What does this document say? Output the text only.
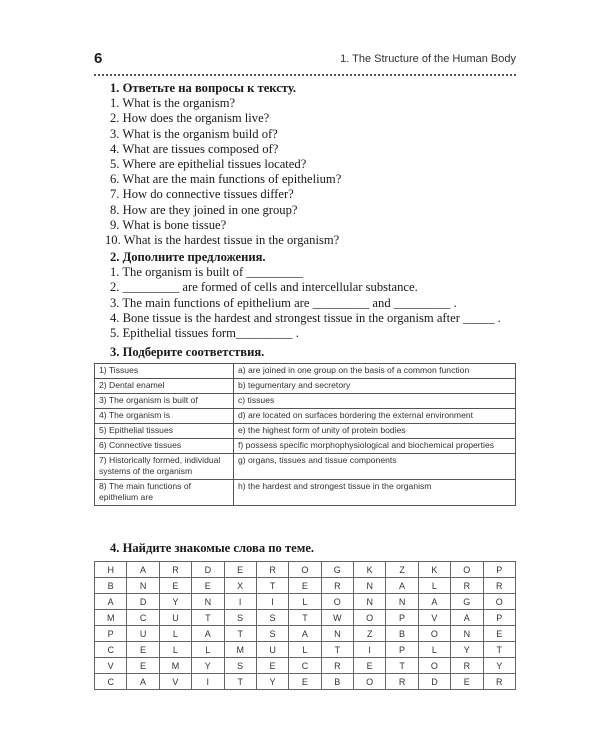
6	1. The Structure of the Human Body
1. Ответьте на вопросы к тексту.
1. What is the organism?
2. How does the organism live?
3. What is the organism build of?
4. What are tissues composed of?
5. Where are epithelial tissues located?
6. What are the main functions of epithelium?
7. How do connective tissues differ?
8. How are they joined in one group?
9. What is bone tissue?
10. What is the hardest tissue in the organism?
2. Дополните предложения.
1. The organism is built of _________
2. _________ are formed of cells and intercellular substance.
3. The main functions of epithelium are _________ and _________ .
4. Bone tissue is the hardest and strongest tissue in the organism after _____ .
5. Epithelial tissues form_________ .
3. Подберите соответствия.
1) Tissues	a) are joined in one group on the basis of a common function
2) Dental enamel	b) tegumentary and secretory
3) The organism is built of	c) tissues
4) The organism is	d) are located on surfaces bordering the external environment
5) Epithelial tissues	e) the highest form of unity of protein bodies
6) Connective tissues	f) possess specific morphophysiological and biochemical properties
7) Historically formed, individual systems of the organism	g) organs, tissues and tissue components
8) The main functions of epithelium are	h) the hardest and strongest tissue in the organism
4. Найдите знакомые слова по теме.
H	A	R	D	E	R	O	G	K	Z	K	O	P
B	N	E	E	X	T	E	R	N	A	L	R	R
A	D	Y	N	I	I	L	O	N	N	A	G	O
M	C	U	T	S	S	T	W	O	P	V	A	P
P	U	L	A	T	S	A	N	Z	B	O	N	E
C	E	L	L	M	U	L	T	I	P	L	Y	T
V	E	M	Y	S	E	C	R	E	T	O	R	Y
C	A	V	I	T	Y	E	B	O	R	D	E	R
